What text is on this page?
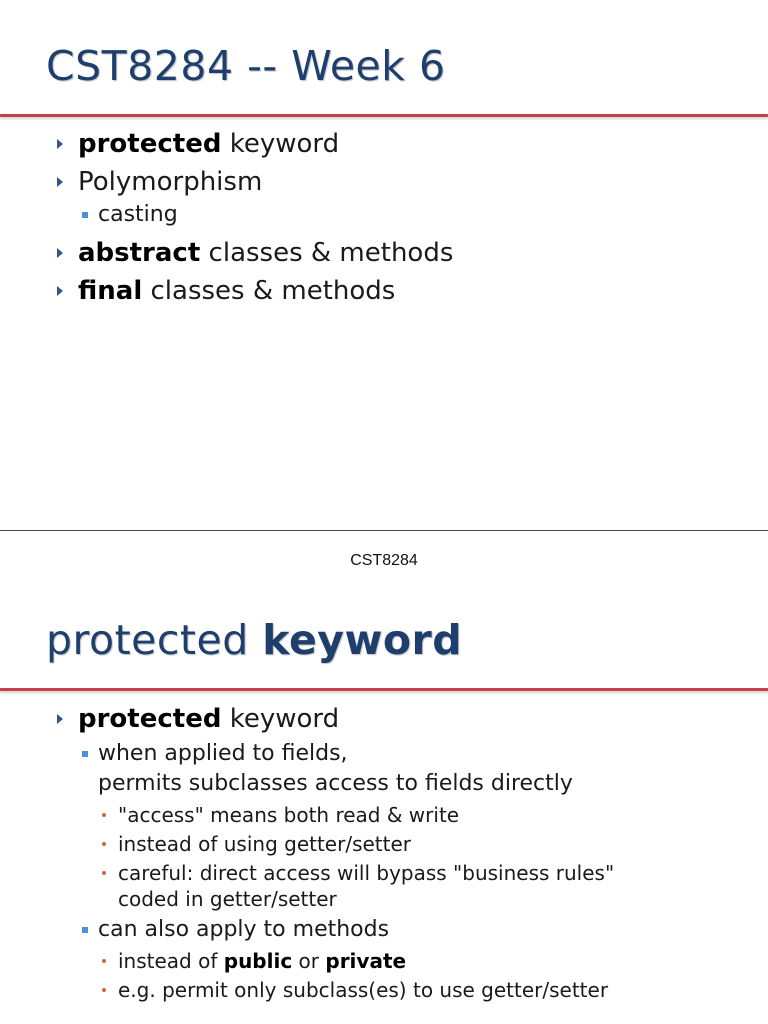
CST8284 -- Week 6
protected keyword
Polymorphism
casting
abstract classes & methods
final classes & methods
CST8284
protected keyword
protected keyword
when applied to fields,
permits subclasses access to fields directly
"access" means both read & write
instead of using getter/setter
careful: direct access will bypass "business rules"
coded in getter/setter
can also apply to methods
instead of public or private
e.g. permit only subclass(es) to use getter/setter
